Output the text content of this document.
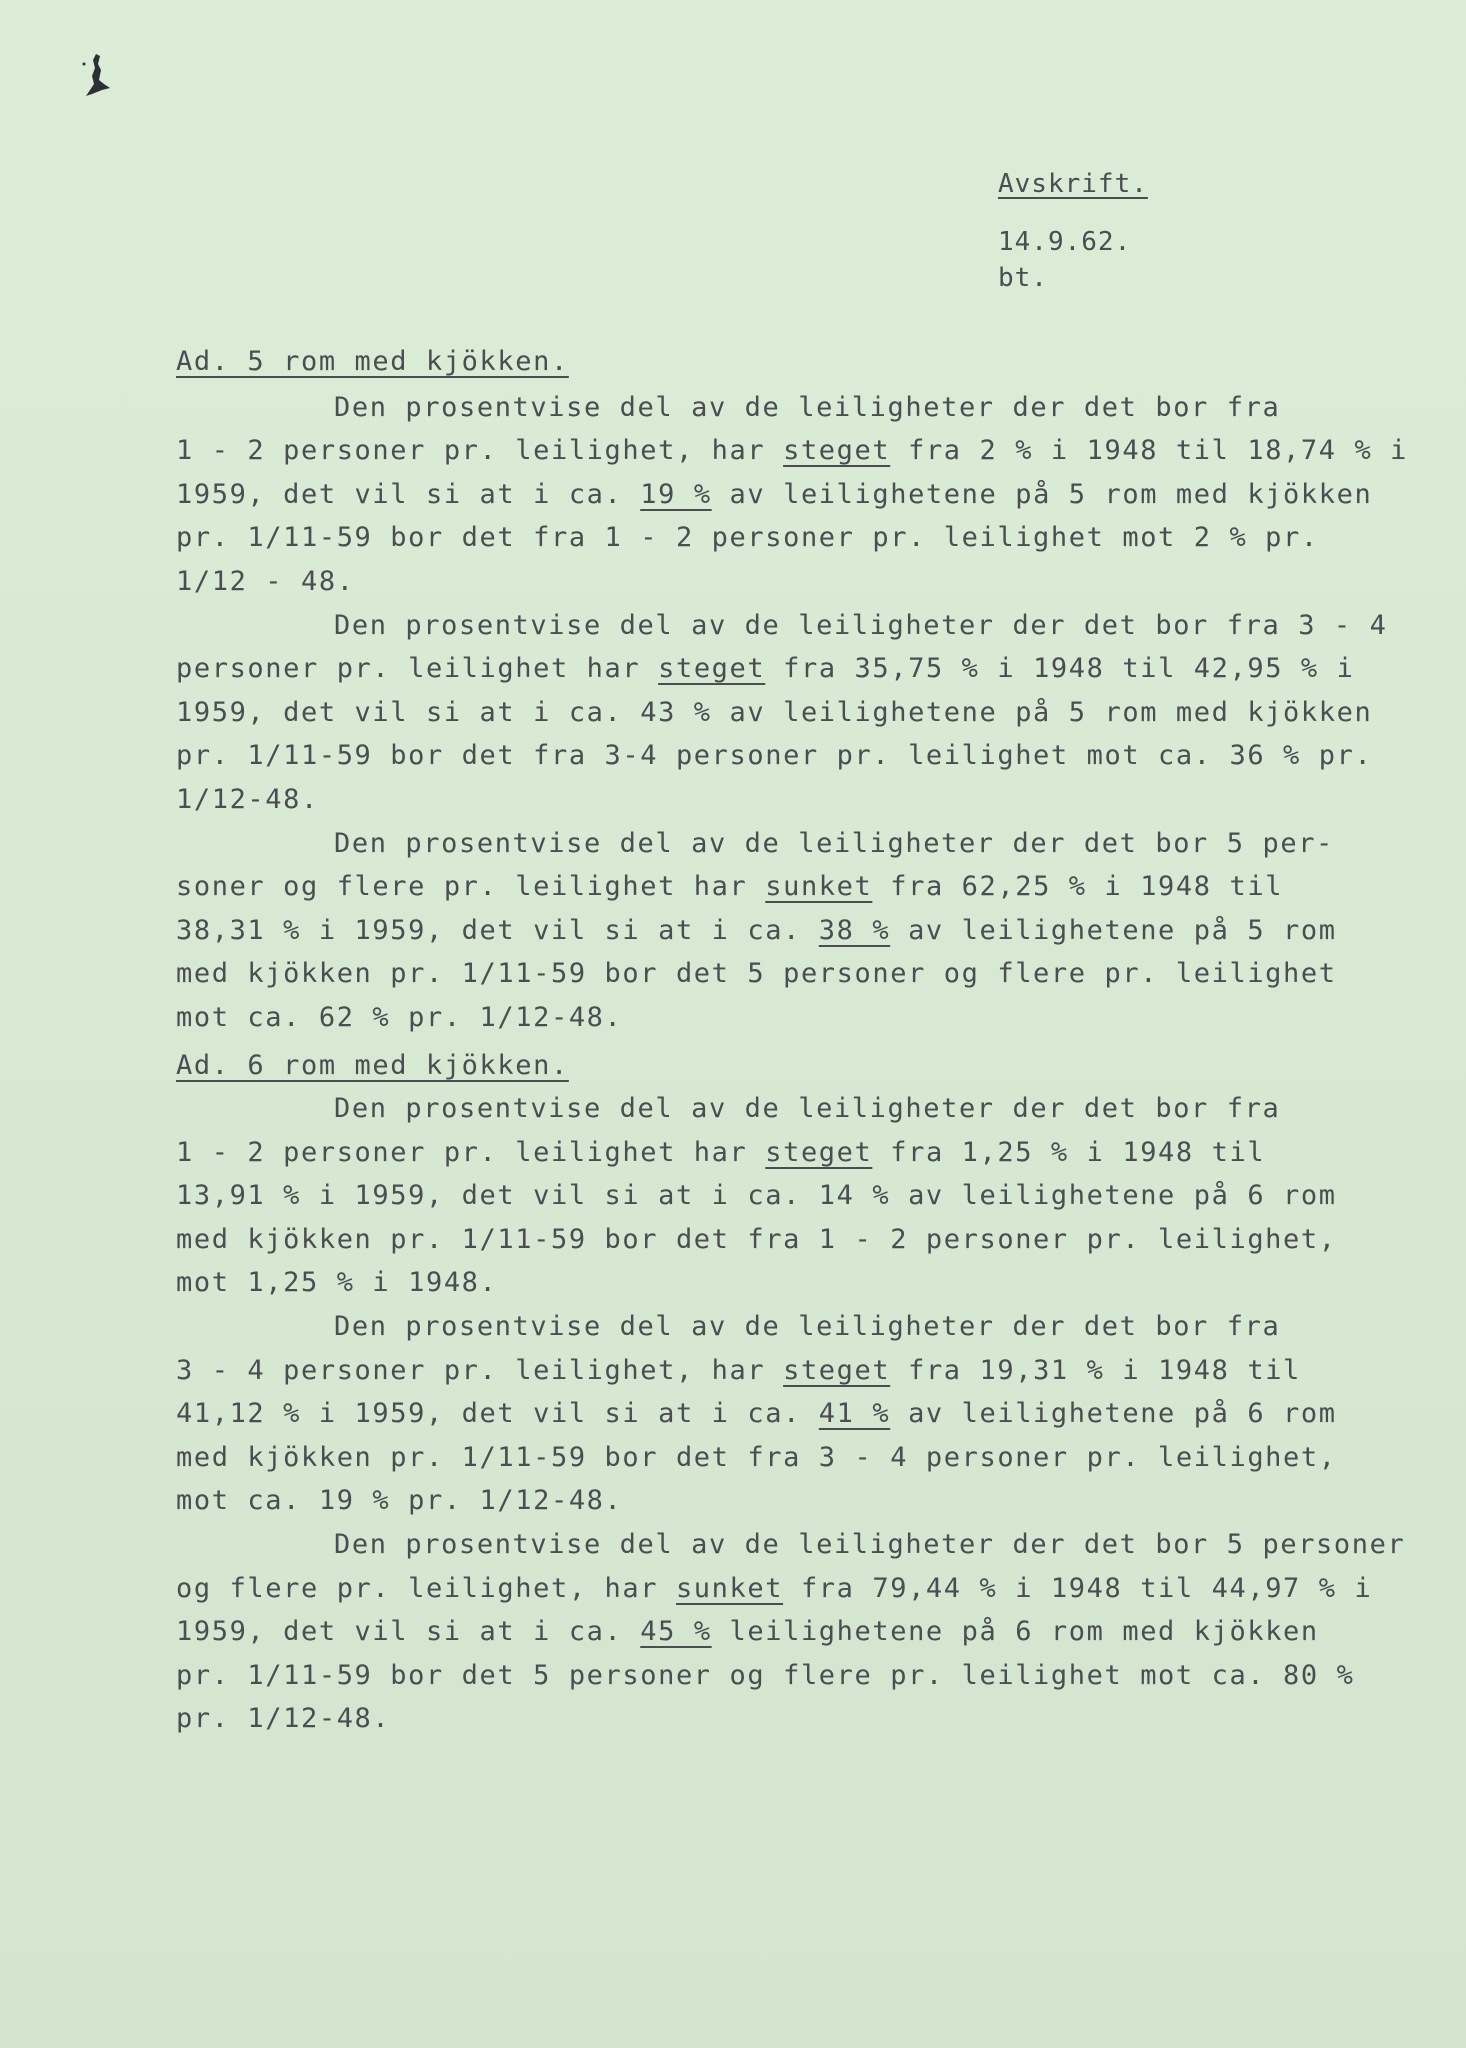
Avskrift.
14.9.62.
bt.
Ad. 5 rom med kjökken.
Den prosentvise del av de leiligheter der det bor fra
1 - 2 personer pr. leilighet, har steget fra 2 % i 1948 til 18,74 % i
1959, det vil si at i ca. 19 % av leilighetene på 5 rom med kjökken
pr. 1/11-59 bor det fra 1 - 2 personer pr. leilighet mot 2 % pr.
1/12 - 48.
Den prosentvise del av de leiligheter der det bor fra 3 - 4
personer pr. leilighet har steget fra 35,75 % i 1948 til 42,95 % i
1959, det vil si at i ca. 43 % av leilighetene på 5 rom med kjökken
pr. 1/11-59 bor det fra 3-4 personer pr. leilighet mot ca. 36 % pr.
1/12-48.
Den prosentvise del av de leiligheter der det bor 5 per-
soner og flere pr. leilighet har sunket fra 62,25 % i 1948 til
38,31 % i 1959, det vil si at i ca. 38 % av leilighetene på 5 rom
med kjökken pr. 1/11-59 bor det 5 personer og flere pr. leilighet
mot ca. 62 % pr. 1/12-48.
Ad. 6 rom med kjökken.
Den prosentvise del av de leiligheter der det bor fra
1 - 2 personer pr. leilighet har steget fra 1,25 % i 1948 til
13,91 % i 1959, det vil si at i ca. 14 % av leilighetene på 6 rom
med kjökken pr. 1/11-59 bor det fra 1 - 2 personer pr. leilighet,
mot 1,25 % i 1948.
Den prosentvise del av de leiligheter der det bor fra
3 - 4 personer pr. leilighet, har steget fra 19,31 % i 1948 til
41,12 % i 1959, det vil si at i ca. 41 % av leilighetene på 6 rom
med kjökken pr. 1/11-59 bor det fra 3 - 4 personer pr. leilighet,
mot ca. 19 % pr. 1/12-48.
Den prosentvise del av de leiligheter der det bor 5 personer
og flere pr. leilighet, har sunket fra 79,44 % i 1948 til 44,97 % i
1959, det vil si at i ca. 45 % leilighetene på 6 rom med kjökken
pr. 1/11-59 bor det 5 personer og flere pr. leilighet mot ca. 80 %
pr. 1/12-48.
